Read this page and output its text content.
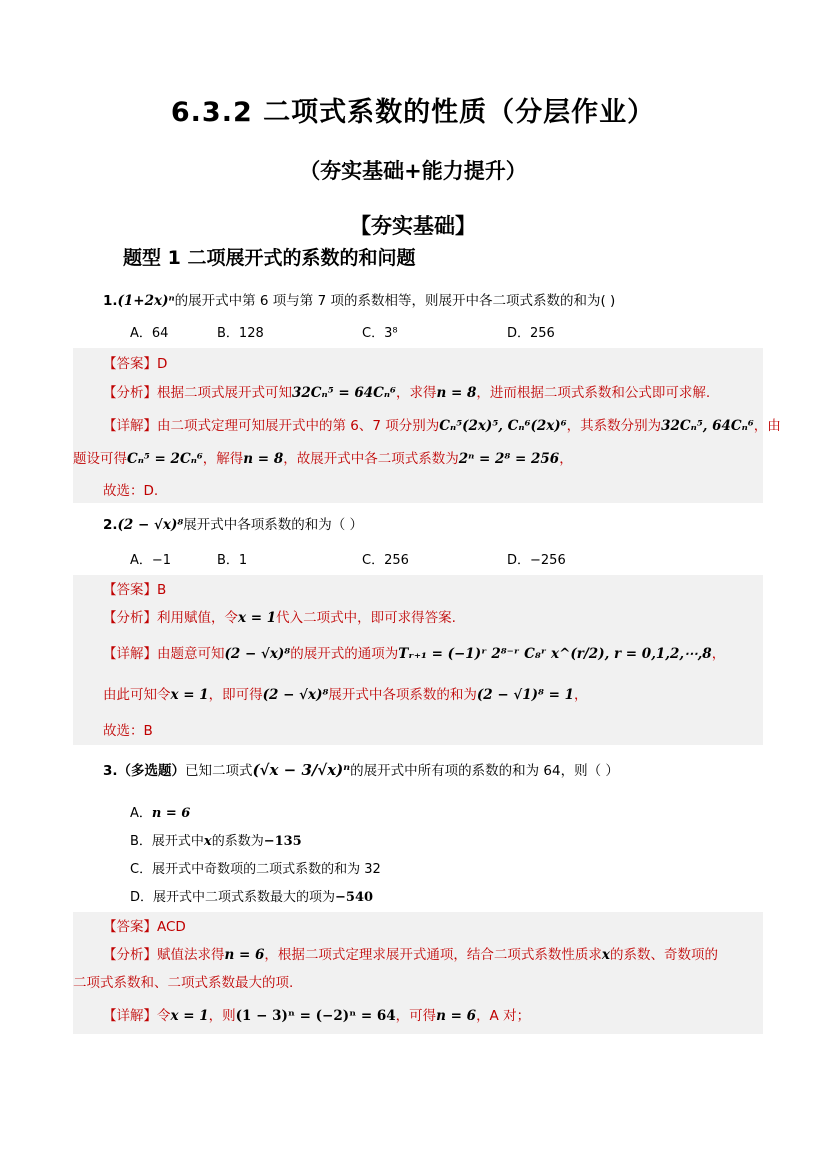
6.3.2 二项式系数的性质（分层作业）
（夯实基础+能力提升）
【夯实基础】
题型 1 二项展开式的系数的和问题
1.(1+2x)ⁿ的展开式中第 6 项与第 7 项的系数相等，则展开中各二项式系数的和为( )
A．64	B．128	C．3⁸	D．256
【答案】D
【分析】根据二项式展开式可知32Cₙ⁵ = 64Cₙ⁶，求得n = 8，进而根据二项式系数和公式即可求解.
【详解】由二项式定理可知展开式中的第 6、7 项分别为Cₙ⁵(2x)⁵, Cₙ⁶(2x)⁶，其系数分别为32Cₙ⁵, 64Cₙ⁶，由
题设可得Cₙ⁵ = 2Cₙ⁶，解得n = 8，故展开式中各二项式系数为2ⁿ = 2⁸ = 256，
故选：D.
2.(2 − √x)⁸展开式中各项系数的和为（ ）
A．−1	B．1	C．256	D．−256
【答案】B
【分析】利用赋值，令x = 1代入二项式中，即可求得答案.
【详解】由题意可知(2 − √x)⁸的展开式的通项为Tᵣ₊₁ = (−1)ʳ 2⁸⁻ʳ C₈ʳ x^(r/2), r = 0,1,2,⋯,8，
由此可知令x = 1，即可得(2 − √x)⁸展开式中各项系数的和为(2 − √1)⁸ = 1，
故选：B
3.（多选题）已知二项式(√x − 3/√x)ⁿ的展开式中所有项的系数的和为 64，则（ ）
A．n = 6
B．展开式中x的系数为−135
C．展开式中奇数项的二项式系数的和为 32
D．展开式中二项式系数最大的项为−540
【答案】ACD
【分析】赋值法求得n = 6，根据二项式定理求展开式通项，结合二项式系数性质求x的系数、奇数项的
二项式系数和、二项式系数最大的项.
【详解】令x = 1，则(1 − 3)ⁿ = (−2)ⁿ = 64，可得n = 6，A 对；
